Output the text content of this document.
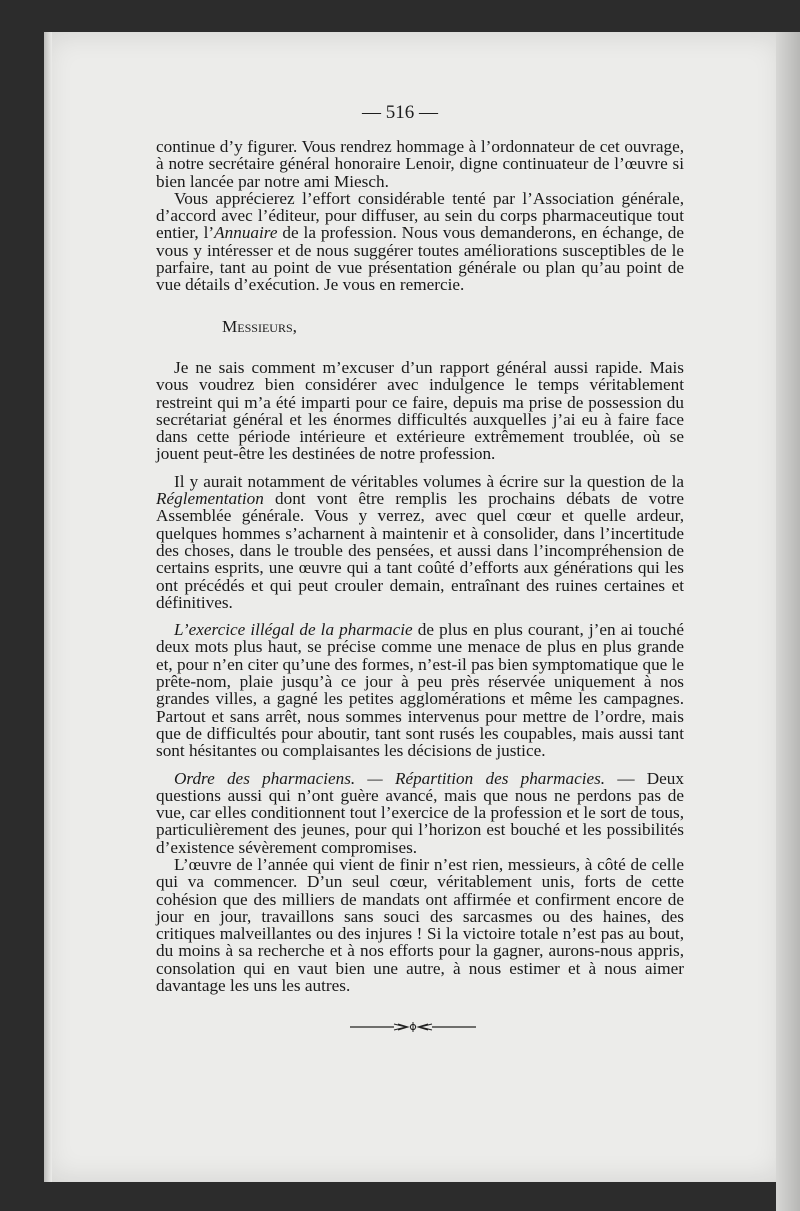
— 516 —

continue d’y figurer. Vous rendrez hommage à l’ordonnateur de cet ouvrage, à notre secrétaire général honoraire Lenoir, digne continuateur de l’œuvre si bien lancée par notre ami Miesch.

Vous apprécierez l’effort considérable tenté par l’Association générale, d’accord avec l’éditeur, pour diffuser, au sein du corps pharmaceutique tout entier, l’Annuaire de la profession. Nous vous demanderons, en échange, de vous y intéresser et de nous suggérer toutes améliorations susceptibles de le parfaire, tant au point de vue présentation générale ou plan qu’au point de vue détails d’exécution. Je vous en remercie.

Messieurs,

Je ne sais comment m’excuser d’un rapport général aussi rapide. Mais vous voudrez bien considérer avec indulgence le temps véritablement restreint qui m’a été imparti pour ce faire, depuis ma prise de possession du secrétariat général et les énormes difficultés auxquelles j’ai eu à faire face dans cette période intérieure et extérieure extrêmement troublée, où se jouent peut-être les destinées de notre profession.

Il y aurait notamment de véritables volumes à écrire sur la question de la Réglementation dont vont être remplis les prochains débats de votre Assemblée générale. Vous y verrez, avec quel cœur et quelle ardeur, quelques hommes s’acharnent à maintenir et à consolider, dans l’incertitude des choses, dans le trouble des pensées, et aussi dans l’incompréhension de certains esprits, une œuvre qui a tant coûté d’efforts aux générations qui les ont précédés et qui peut crouler demain, entraînant des ruines certaines et définitives.

L’exercice illégal de la pharmacie de plus en plus courant, j’en ai touché deux mots plus haut, se précise comme une menace de plus en plus grande et, pour n’en citer qu’une des formes, n’est-il pas bien symptomatique que le prête-nom, plaie jusqu’à ce jour à peu près réservée uniquement à nos grandes villes, a gagné les petites agglomérations et même les campagnes. Partout et sans arrêt, nous sommes intervenus pour mettre de l’ordre, mais que de difficultés pour aboutir, tant sont rusés les coupables, mais aussi tant sont hésitantes ou complaisantes les décisions de justice.

Ordre des pharmaciens. — Répartition des pharmacies. — Deux questions aussi qui n’ont guère avancé, mais que nous ne perdons pas de vue, car elles conditionnent tout l’exercice de la profession et le sort de tous, particulièrement des jeunes, pour qui l’horizon est bouché et les possibilités d’existence sévèrement compromises.

L’œuvre de l’année qui vient de finir n’est rien, messieurs, à côté de celle qui va commencer. D’un seul cœur, véritablement unis, forts de cette cohésion que des milliers de mandats ont affirmée et confirment encore de jour en jour, travaillons sans souci des sarcasmes ou des haines, des critiques malveillantes ou des injures ! Si la victoire totale n’est pas au bout, du moins à sa recherche et à nos efforts pour la gagner, aurons-nous appris, consolation qui en vaut bien une autre, à nous estimer et à nous aimer davantage les uns les autres.
